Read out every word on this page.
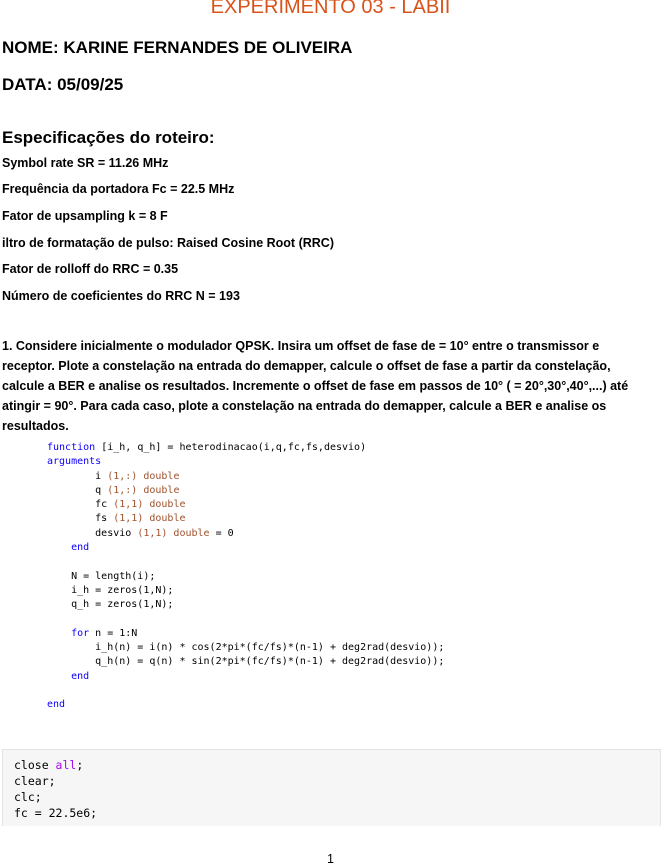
EXPERIMENTO 03 - LABII
NOME: KARINE FERNANDES DE OLIVEIRA
DATA: 05/09/25
Especificações do roteiro:
Symbol rate SR = 11.26 MHz
Frequência da portadora Fc = 22.5 MHz
Fator de upsampling k = 8 F
iltro de formatação de pulso: Raised Cosine Root (RRC)
Fator de rolloff do RRC = 0.35
Número de coeficientes do RRC N = 193
1. Considere inicialmente o modulador QPSK. Insira um offset de fase de = 10° entre o transmissor e receptor. Plote a constelação na entrada do demapper, calcule o offset de fase a partir da constelação, calcule a BER e analise os resultados. Incremente o offset de fase em passos de 10° ( = 20°,30°,40°,...) até atingir = 90°. Para cada caso, plote a constelação na entrada do demapper, calcule a BER e analise os resultados.
function [i_h, q_h] = heterodinacao(i,q,fc,fs,desvio)
arguments
i (1,:) double
q (1,:) double
fc (1,1) double
fs (1,1) double
desvio (1,1) double = 0
end
N = length(i);
i_h = zeros(1,N);
q_h = zeros(1,N);
for n = 1:N
i_h(n) = i(n) * cos(2*pi*(fc/fs)*(n-1) + deg2rad(desvio));
q_h(n) = q(n) * sin(2*pi*(fc/fs)*(n-1) + deg2rad(desvio));
end
end
close all;
clear;
clc;
fc = 22.5e6;
1
